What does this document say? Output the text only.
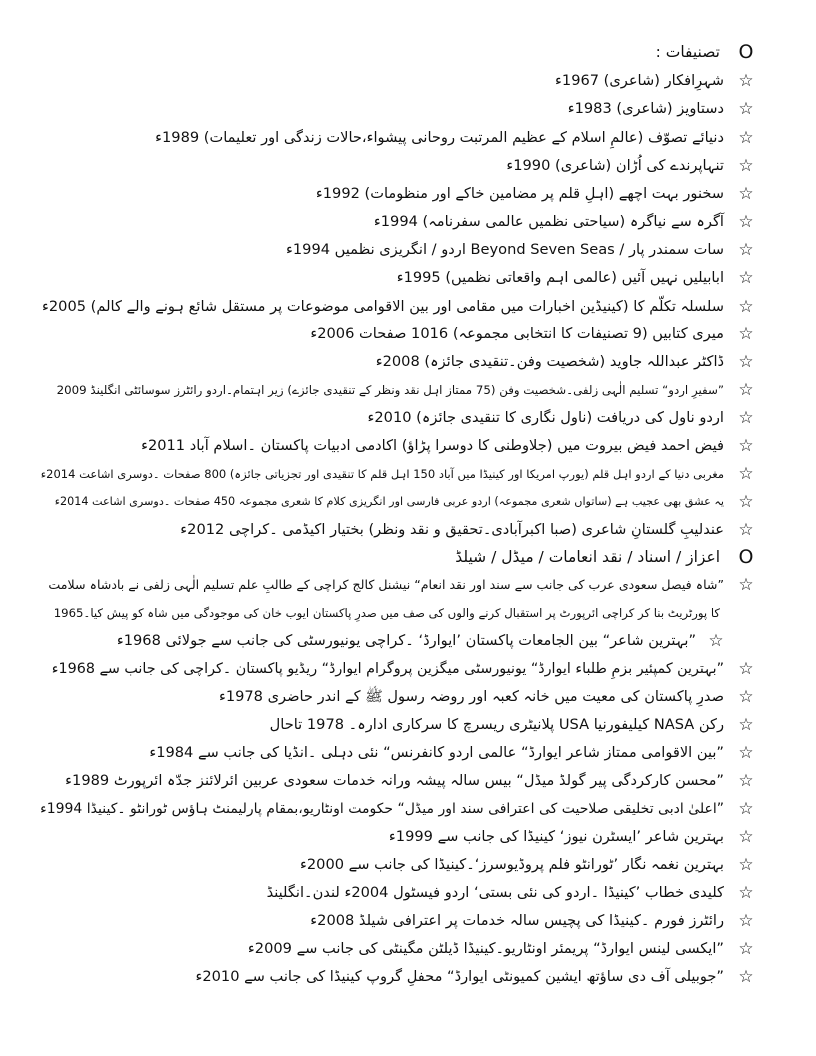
O
تصنیفات :
☆
شہرِافکار (شاعری) 1967ء
☆
دستاویز (شاعری) 1983ء
☆
دنیائے تصوّف (عالمِ اسلام کے عظیم المرتبت روحانی پیشواء،حالات زندگی اور تعلیمات) 1989ء
☆
تنہاپرندے کی اُڑان (شاعری) 1990ء
☆
سخنور بہت اچھے (اہلِ قلم پر مضامین خاکے اور منظومات) 1992ء
☆
آگرہ سے نیاگرہ (سیاحتی نظمیں عالمی سفرنامہ) 1994ء
☆
سات سمندر پار / Beyond Seven Seas اردو / انگریزی نظمیں 1994ء
☆
ابابیلیں نہیں آئیں (عالمی اہم واقعاتی نظمیں) 1995ء
☆
سلسلہ تکلّم کا (کینیڈین اخبارات میں مقامی اور بین الاقوامی موضوعات پر مستقل شائع ہونے والے کالم) 2005ء
☆
میری کتابیں (9 تصنیفات کا انتخابی مجموعہ) 1016 صفحات 2006ء
☆
ڈاکٹر عبداللہ جاوید (شخصیت وفن۔تنقیدی جائزہ) 2008ء
☆
”سفیرِ اردو“ تسلیم الٰہی زلفی۔شخصیت وفن (75 ممتاز اہل نقد ونظر کے تنقیدی جائزے) زیر اہتمام۔اردو رائٹرز سوسائٹی انگلینڈ 2009
☆
اردو ناول کی دریافت (ناول نگاری کا تنقیدی جائزہ) 2010ء
☆
فیض احمد فیض بیروت میں (جلاوطنی کا دوسرا پڑاؤ) اکادمی ادبیات پاکستان ۔اسلام آباد 2011ء
☆
مغربی دنیا کے اردو اہل قلم (یورپ امریکا اور کینیڈا میں آباد 150 اہل قلم کا تنقیدی اور تجزیاتی جائزہ) 800 صفحات ۔دوسری اشاعت 2014ء
☆
یہ عشق بھی عجیب ہے (ساتواں شعری مجموعہ) اردو عربی فارسی اور انگریزی کلام کا شعری مجموعہ 450 صفحات ۔دوسری اشاعت 2014ء
☆
عندلیبِ گلستانِ شاعری (صبا اکبرآبادی۔تحقیق و نقد ونظر) بختیار اکیڈمی ۔کراچی 2012ء
O
اعزاز / اسناد / نقد انعامات / میڈل / شیلڈ
☆
”شاہ فیصل سعودی عرب کی جانب سے سند اور نقد انعام“ نیشنل کالج کراچی کے طالبِ علم تسلیم الٰہی زلفی نے بادشاہ سلامت
کا پورٹریٹ بنا کر کراچی ائرپورٹ پر استقبال کرنے والوں کی صف میں صدرِ پاکستان ایوب خان کی موجودگی میں شاہ کو پیش کیا۔1965
☆
”بہترین شاعر“ بین الجامعات پاکستان ’ایوارڈ‘ ۔کراچی یونیورسٹی کی جانب سے جولائی 1968ء
☆
”بہترین کمپئیر بزمِ طلباء ایوارڈ“ یونیورسٹی میگزین پروگرام ایوارڈ“ ریڈیو پاکستان ۔کراچی کی جانب سے 1968ء
☆
صدرِ پاکستان کی معیت میں خانہ کعبہ اور روضہ رسول ﷺ کے اندر حاضری 1978ء
☆
رکن NASA کیلیفورنیا USA پلانیٹری ریسرچ کا سرکاری ادارہ۔ 1978 تاحال
☆
”بین الاقوامی ممتاز شاعر ایوارڈ“ عالمی اردو کانفرنس“ نئی دہلی ۔انڈیا کی جانب سے 1984ء
☆
”محسن کارکردگی پیر گولڈ میڈل“ بیس سالہ پیشہ ورانہ خدمات سعودی عربین ائرلائنز جدّہ ائرپورٹ 1989ء
☆
”اعلیٰ ادبی تخلیقی صلاحیت کی اعترافی سند اور میڈل“ حکومت اونٹاریو،بمقام پارلیمنٹ ہاؤس ٹورانٹو ۔کینیڈا 1994ء
☆
بہترین شاعر ’ایسٹرن نیوز‘ کینیڈا کی جانب سے 1999ء
☆
بہترین نغمہ نگار ’ٹورانٹو فلم پروڈیوسرز‘۔کینیڈا کی جانب سے 2000ء
☆
کلیدی خطاب ’کینیڈا ۔اردو کی نئی بستی‘ اردو فیسٹول 2004ء لندن۔انگلینڈ
☆
رائٹرز فورم ۔کینیڈا کی پچیس سالہ خدمات پر اعترافی شیلڈ 2008ء
☆
”ایکسی لینس ایوارڈ“ پریمئر اونٹاریو۔کینیڈا ڈیلٹن مگینٹی کی جانب سے 2009ء
☆
”جوبیلی آف دی ساؤتھ ایشین کمیونٹی ایوارڈ“ محفلِ گروپ کینیڈا کی جانب سے 2010ء
